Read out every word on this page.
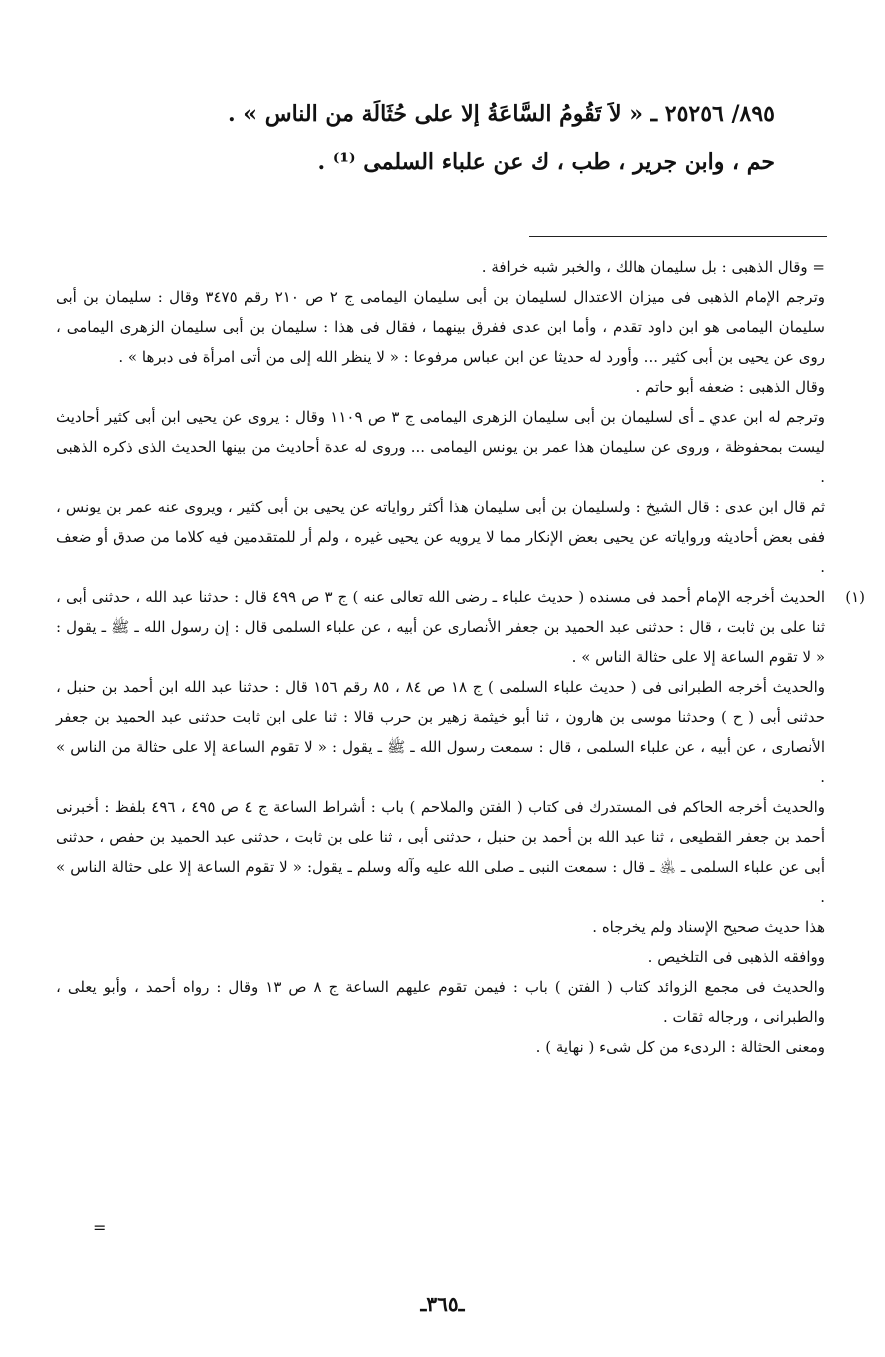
٨٩٥/ ٢٥٢٥٦ ـ « لاَ تَقُومُ السَّاعَةُ إلا على حُثَالَة من الناس » .
حم ، وابن جرير ، طب ، ك عن علباء السلمى ⁽¹⁾ .

= وقال الذهبى : بل سليمان هالك ، والخبر شبه خرافة .

وترجم الإمام الذهبى فى ميزان الاعتدال لسليمان بن أبى سليمان اليمامى ج ٢ ص ٢١٠ رقم ٣٤٧٥ وقال : سليمان بن أبى سليمان اليمامى هو ابن داود تقدم ، وأما ابن عدى ففرق بينهما ، فقال فى هذا : سليمان بن أبى سليمان الزهرى اليمامى ، روى عن يحيى بن أبى كثير ... وأورد له حديثا عن ابن عباس مرفوعا : « لا ينظر الله إلى من أتى امرأة فى دبرها » .

وقال الذهبى : ضعفه أبو حاتم .

وترجم له ابن عدي ـ أى لسليمان بن أبى سليمان الزهرى اليمامى ج ٣ ص ١١٠٩ وقال : يروى عن يحيى ابن أبى كثير أحاديث ليست بمحفوظة ، وروى عن سليمان هذا عمر بن يونس اليمامى ... وروى له عدة أحاديث من بينها الحديث الذى ذكره الذهبى .

ثم قال ابن عدى : قال الشيخ : ولسليمان بن أبى سليمان هذا أكثر رواياته عن يحيى بن أبى كثير ، ويروى عنه عمر بن يونس ، ففى بعض أحاديثه ورواياته عن يحيى بعض الإنكار مما لا يرويه عن يحيى غيره ، ولم أر للمتقدمين فيه كلاما من صدق أو ضعف .

(١)
الحديث أخرجه الإمام أحمد فى مسنده ( حديث علباء ـ رضى الله تعالى عنه ) ج ٣ ص ٤٩٩ قال : حدثنا عبد الله ، حدثنى أبى ، ثنا على بن ثابت ، قال : حدثنى عبد الحميد بن جعفر الأنصارى عن أبيه ، عن علباء السلمى قال : إن رسول الله ـ ﷺ ـ يقول : « لا تقوم الساعة إلا على حثالة الناس » .

والحديث أخرجه الطبرانى فى ( حديث علباء السلمى ) ج ١٨ ص ٨٤ ، ٨٥ رقم ١٥٦ قال : حدثنا عبد الله ابن أحمد بن حنبل ، حدثنى أبى ( ح ) وحدثنا موسى بن هارون ، ثنا أبو خيثمة زهير بن حرب قالا : ثنا على ابن ثابت حدثنى عبد الحميد بن جعفر الأنصارى ، عن أبيه ، عن علباء السلمى ، قال : سمعت رسول الله ـ ﷺ ـ يقول : « لا تقوم الساعة إلا على حثالة من الناس » .

والحديث أخرجه الحاكم فى المستدرك فى كتاب ( الفتن والملاحم ) باب : أشراط الساعة ج ٤ ص ٤٩٥ ، ٤٩٦ بلفظ : أخبرنى أحمد بن جعفر القطيعى ، ثنا عبد الله بن أحمد بن حنبل ، حدثنى أبى ، ثنا على بن ثابت ، حدثنى عبد الحميد بن حفص ، حدثنى أبى عن علباء السلمى ـ ﵁ ـ قال : سمعت النبى ـ صلى الله عليه وآله وسلم ـ يقول: « لا تقوم الساعة إلا على حثالة الناس » .

هذا حديث صحيح الإسناد ولم يخرجاه .

ووافقه الذهبى فى التلخيص .

والحديث فى مجمع الزوائد كتاب ( الفتن ) باب : فيمن تقوم عليهم الساعة ج ٨ ص ١٣ وقال : رواه أحمد ، وأبو يعلى ، والطبرانى ، ورجاله ثقات .

ومعنى الحثالة : الردىء من كل شىء ( نهاية ) .

=
ـ٣٦٥ـ
